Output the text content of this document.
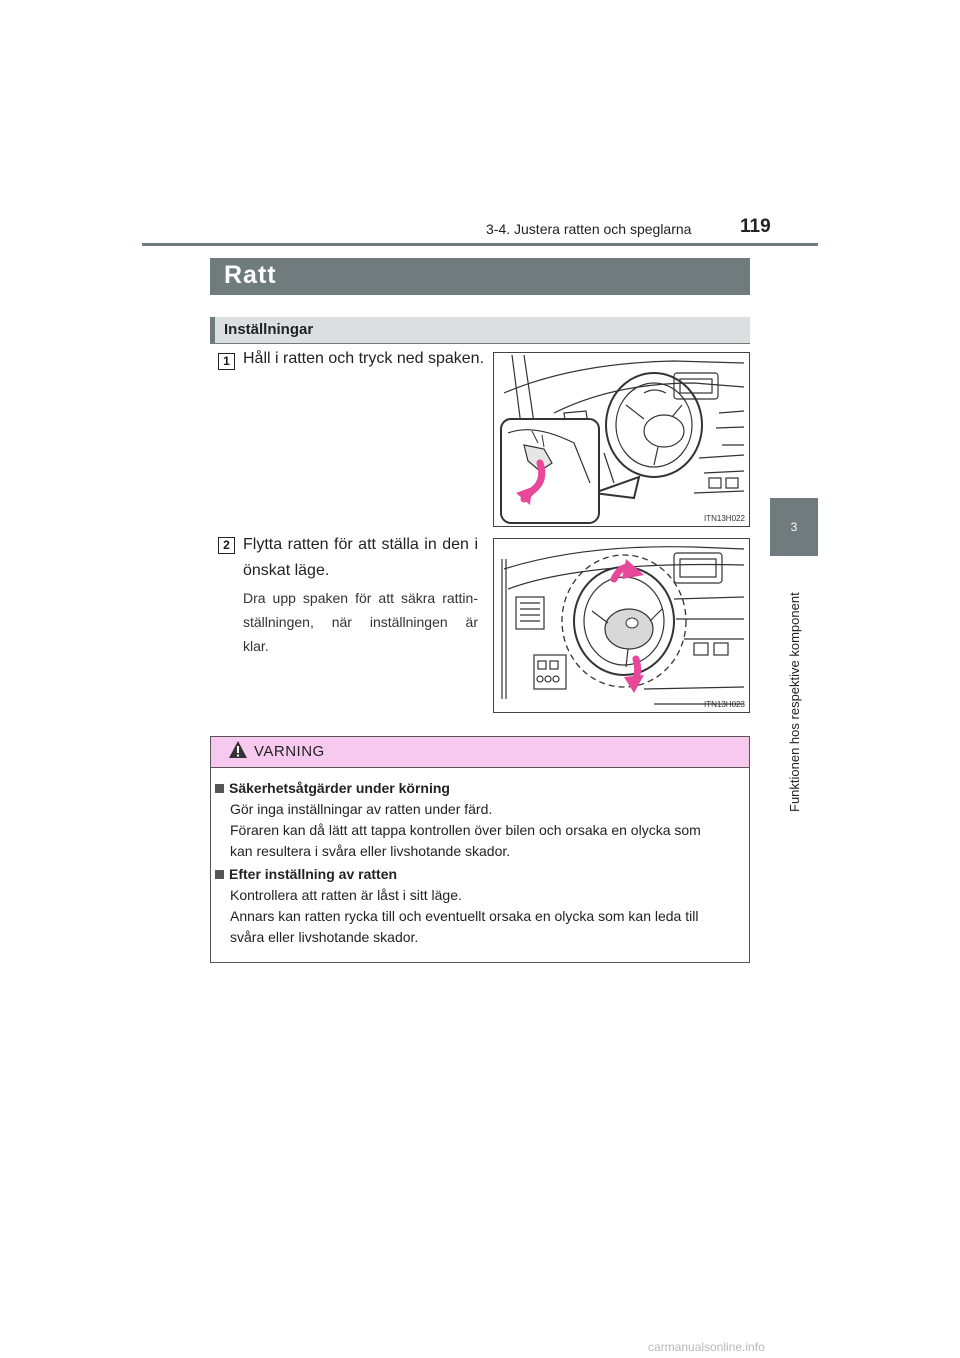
3-4. Justera ratten och speglarna	119
Ratt
Inställningar
1 Håll i ratten och tryck ned spaken.
ITN13H022
2 Flytta ratten för att ställa in den i
önskat läge.
Dra upp spaken för att säkra rattin-
ställningen, när inställningen är
klar.
ITN13H023
3
Funktionen hos respektive komponent
VARNING
Säkerhetsåtgärder under körning
Gör inga inställningar av ratten under färd.
Föraren kan då lätt att tappa kontrollen över bilen och orsaka en olycka som
kan resultera i svåra eller livshotande skador.
Efter inställning av ratten
Kontrollera att ratten är låst i sitt läge.
Annars kan ratten rycka till och eventuellt orsaka en olycka som kan leda till
svåra eller livshotande skador.
carmanualsonline.info
